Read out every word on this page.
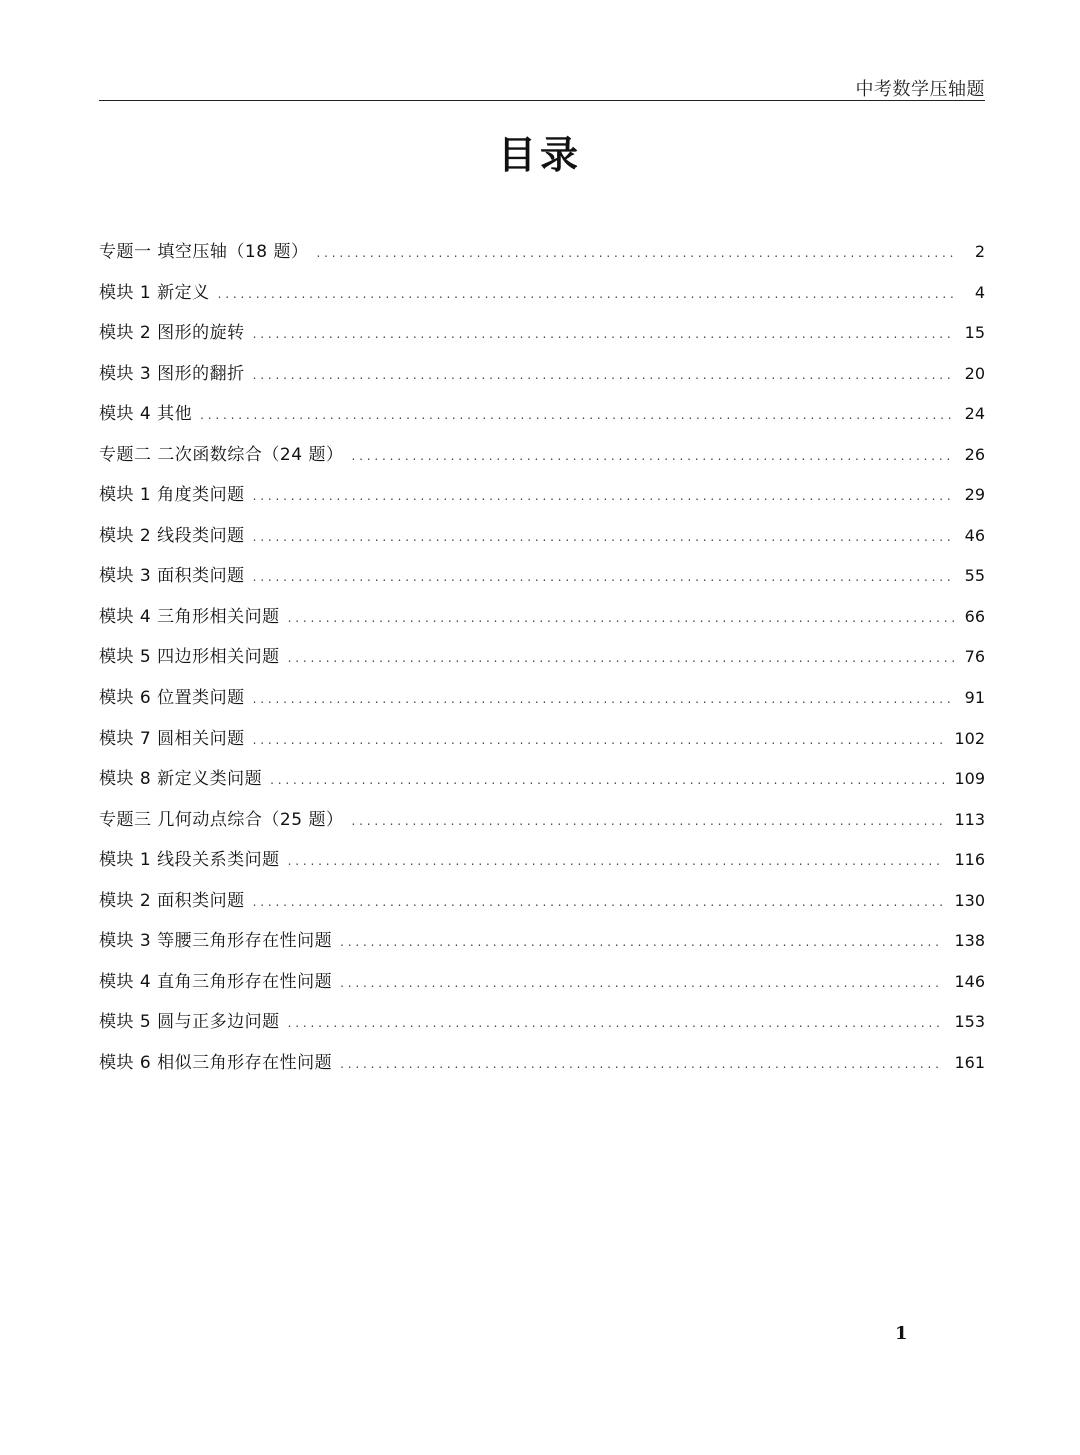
中考数学压轴题
目录
专题一 填空压轴（18 题） . . .	2
模块 1 新定义 . . .	4
模块 2 图形的旋转 . . .	15
模块 3 图形的翻折 . . .	20
模块 4 其他 . . .	24
专题二 二次函数综合（24 题） . . .	26
模块 1 角度类问题 . . .	29
模块 2 线段类问题 . . .	46
模块 3 面积类问题 . . .	55
模块 4 三角形相关问题 . . .	66
模块 5 四边形相关问题 . . .	76
模块 6 位置类问题 . . .	91
模块 7 圆相关问题 . . .	102
模块 8 新定义类问题 . . .	109
专题三 几何动点综合（25 题） . . .	113
模块 1 线段关系类问题 . . .	116
模块 2 面积类问题 . . .	130
模块 3 等腰三角形存在性问题 . . .	138
模块 4 直角三角形存在性问题 . . .	146
模块 5 圆与正多边问题 . . .	153
模块 6 相似三角形存在性问题 . . .	161
1
